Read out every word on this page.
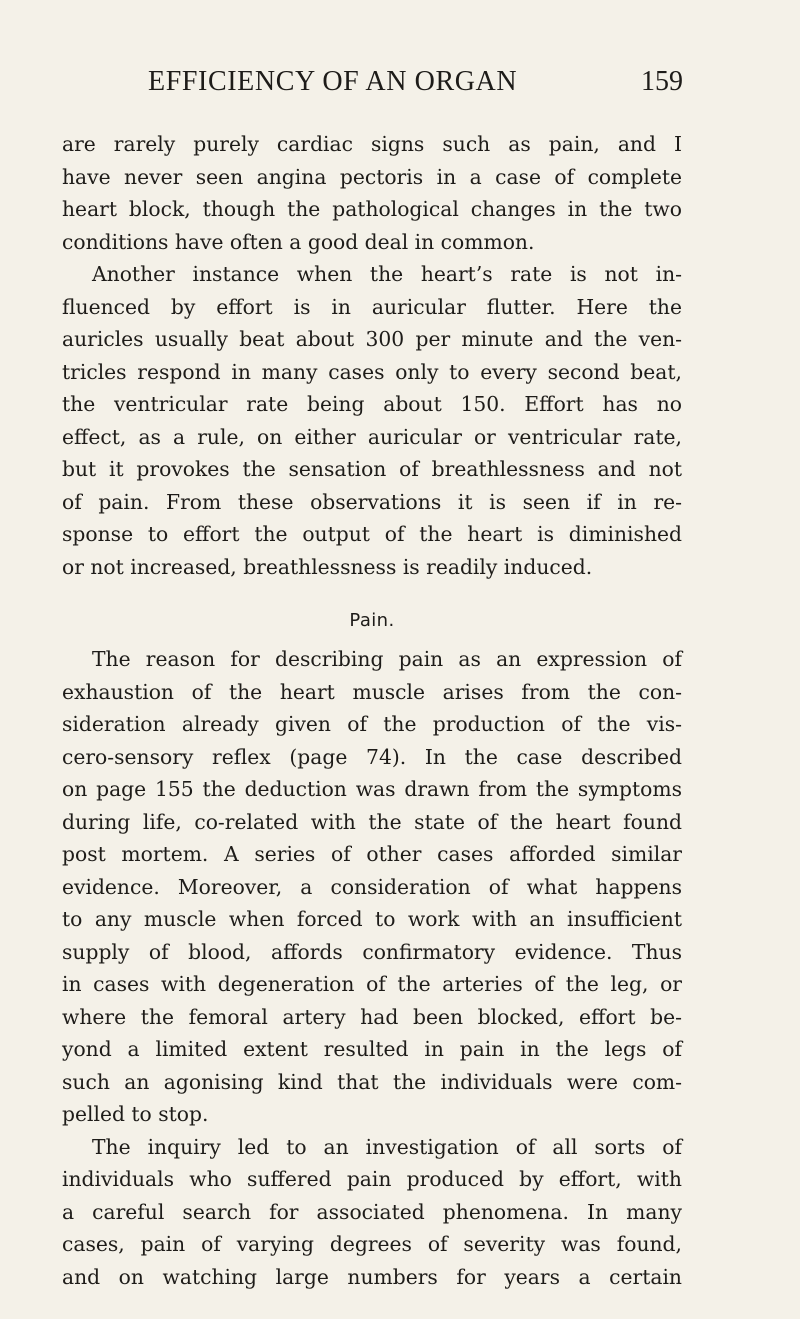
EFFICIENCY OF AN ORGAN	159
are rarely purely cardiac signs such as pain, and I
have never seen angina pectoris in a case of complete
heart block, though the pathological changes in the two
conditions have often a good deal in common.
Another instance when the heart’s rate is not in-
fluenced by effort is in auricular flutter. Here the
auricles usually beat about 300 per minute and the ven-
tricles respond in many cases only to every second beat,
the ventricular rate being about 150. Effort has no
effect, as a rule, on either auricular or ventricular rate,
but it provokes the sensation of breathlessness and not
of pain. From these observations it is seen if in re-
sponse to effort the output of the heart is diminished
or not increased, breathlessness is readily induced.
Pain.
The reason for describing pain as an expression of
exhaustion of the heart muscle arises from the con-
sideration already given of the production of the vis-
cero-sensory reflex (page 74). In the case described
on page 155 the deduction was drawn from the symptoms
during life, co-related with the state of the heart found
post mortem. A series of other cases afforded similar
evidence. Moreover, a consideration of what happens
to any muscle when forced to work with an insufficient
supply of blood, affords confirmatory evidence. Thus
in cases with degeneration of the arteries of the leg, or
where the femoral artery had been blocked, effort be-
yond a limited extent resulted in pain in the legs of
such an agonising kind that the individuals were com-
pelled to stop.
The inquiry led to an investigation of all sorts of
individuals who suffered pain produced by effort, with
a careful search for associated phenomena. In many
cases, pain of varying degrees of severity was found,
and on watching large numbers for years a certain
